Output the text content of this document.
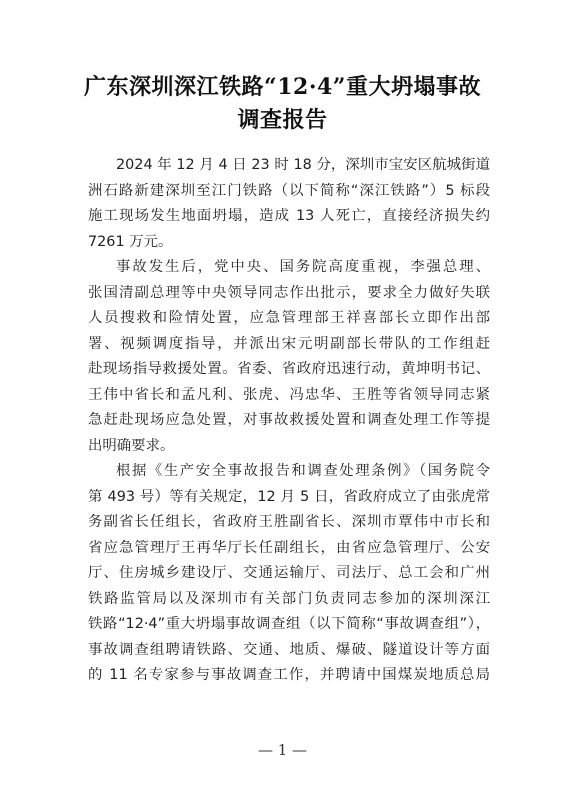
广东深圳深江铁路“12·4”重大坍塌事故
调查报告
2024 年 12 月 4 日 23 时 18 分，深圳市宝安区航城街道
洲石路新建深圳至江门铁路（以下简称“深江铁路”）5 标段
施工现场发生地面坍塌，造成 13 人死亡，直接经济损失约
7261 万元。
事故发生后，党中央、国务院高度重视，李强总理、
张国清副总理等中央领导同志作出批示，要求全力做好失联
人员搜救和险情处置，应急管理部王祥喜部长立即作出部
署、视频调度指导，并派出宋元明副部长带队的工作组赶
赴现场指导救援处置。省委、省政府迅速行动，黄坤明书记、
王伟中省长和孟凡利、张虎、冯忠华、王胜等省领导同志紧
急赶赴现场应急处置，对事故救援处置和调查处理工作等提
出明确要求。
根据《生产安全事故报告和调查处理条例》（国务院令
第 493 号）等有关规定，12 月 5 日，省政府成立了由张虎常
务副省长任组长，省政府王胜副省长、深圳市覃伟中市长和
省应急管理厅王再华厅长任副组长，由省应急管理厅、公安
厅、住房城乡建设厅、交通运输厅、司法厅、总工会和广州
铁路监管局以及深圳市有关部门负责同志参加的深圳深江
铁路“12·4”重大坍塌事故调查组（以下简称“事故调查组”），
事故调查组聘请铁路、交通、地质、爆破、隧道设计等方面
的 11 名专家参与事故调查工作，并聘请中国煤炭地质总局
— 1 —
